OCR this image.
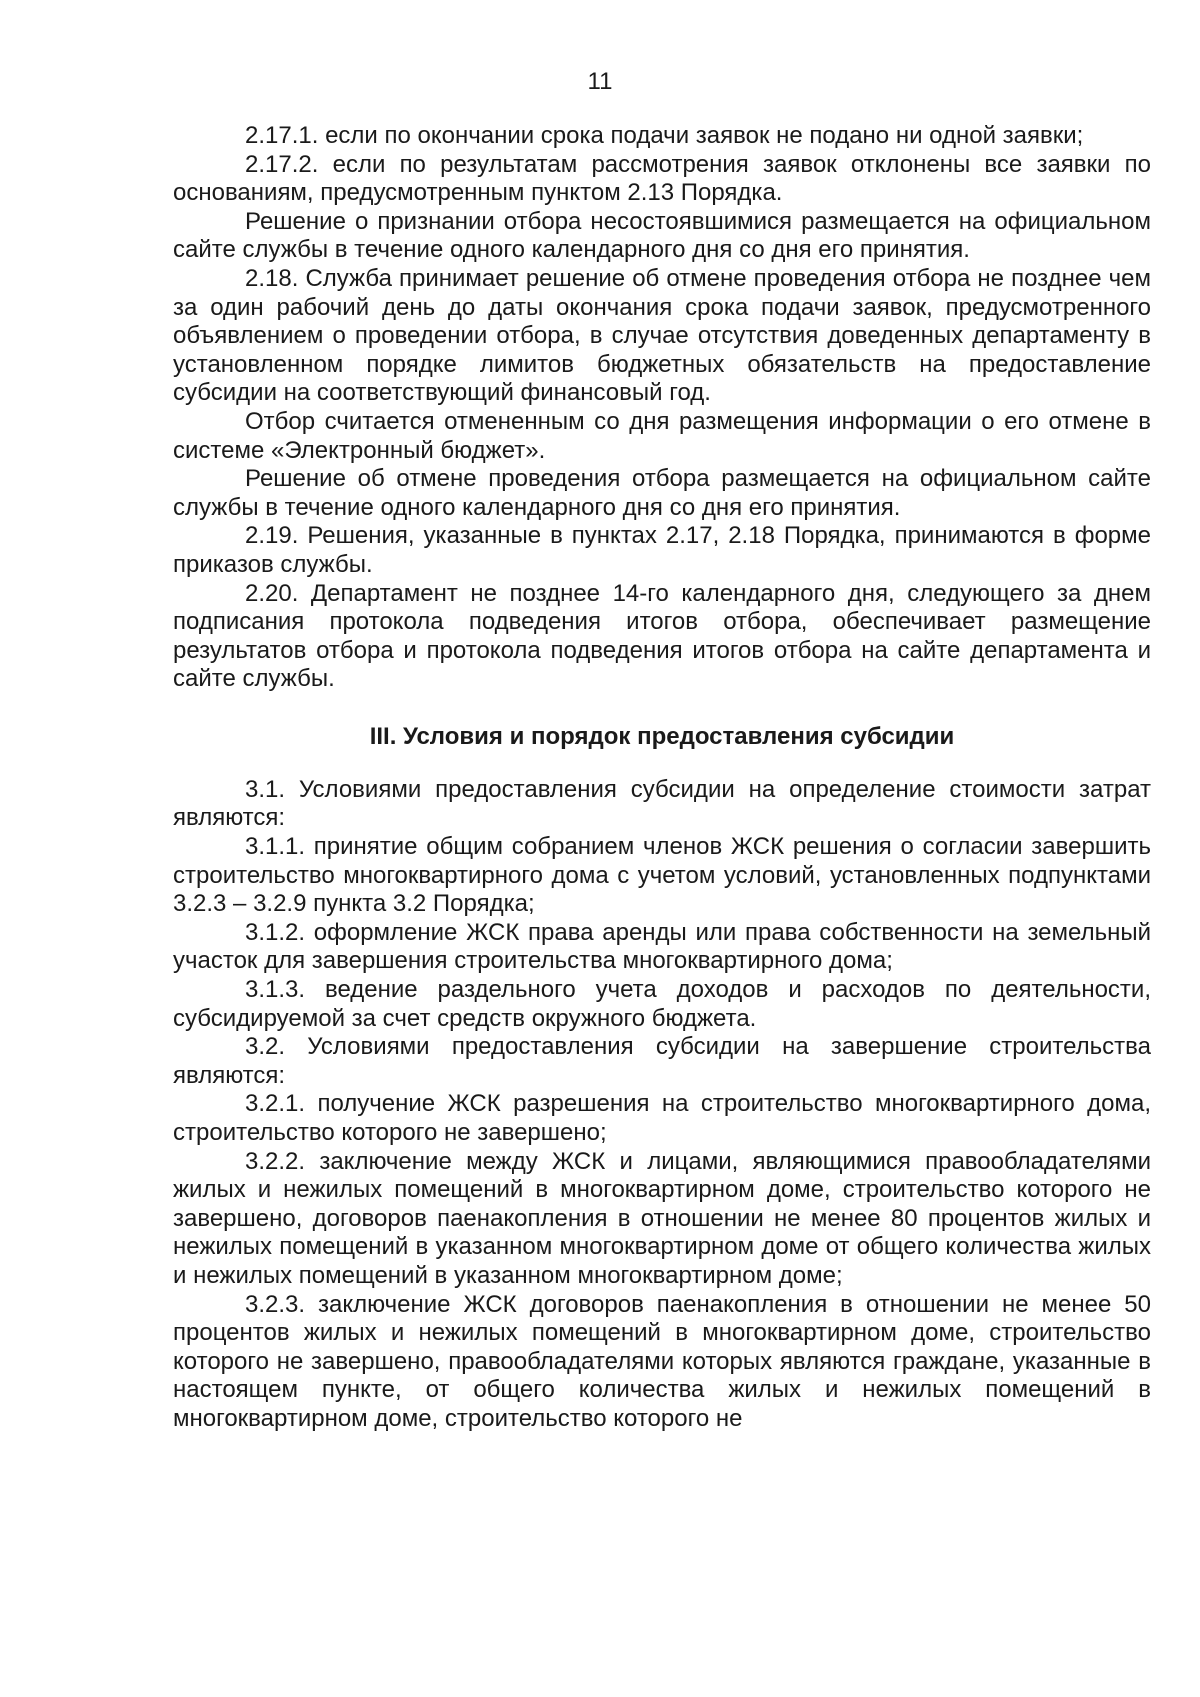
11

2.17.1. если по окончании срока подачи заявок не подано ни одной заявки;

2.17.2. если по результатам рассмотрения заявок отклонены все заявки по основаниям, предусмотренным пунктом 2.13 Порядка.

Решение о признании отбора несостоявшимися размещается на официальном сайте службы в течение одного календарного дня со дня его принятия.

2.18. Служба принимает решение об отмене проведения отбора не позднее чем за один рабочий день до даты окончания срока подачи заявок, предусмотренного объявлением о проведении отбора, в случае отсутствия доведенных департаменту в установленном порядке лимитов бюджетных обязательств на предоставление субсидии на соответствующий финансовый год.

Отбор считается отмененным со дня размещения информации о его отмене в системе «Электронный бюджет».

Решение об отмене проведения отбора размещается на официальном сайте службы в течение одного календарного дня со дня его принятия.

2.19. Решения, указанные в пунктах 2.17, 2.18 Порядка, принимаются в форме приказов службы.

2.20. Департамент не позднее 14-го календарного дня, следующего за днем подписания протокола подведения итогов отбора, обеспечивает размещение результатов отбора и протокола подведения итогов отбора на сайте департамента и сайте службы.

III. Условия и порядок предоставления субсидии

3.1. Условиями предоставления субсидии на определение стоимости затрат являются:

3.1.1. принятие общим собранием членов ЖСК решения о согласии завершить строительство многоквартирного дома с учетом условий, установленных подпунктами 3.2.3 – 3.2.9 пункта 3.2 Порядка;

3.1.2. оформление ЖСК права аренды или права собственности на земельный участок для завершения строительства многоквартирного дома;

3.1.3. ведение раздельного учета доходов и расходов по деятельности, субсидируемой за счет средств окружного бюджета.

3.2. Условиями предоставления субсидии на завершение строительства являются:

3.2.1. получение ЖСК разрешения на строительство многоквартирного дома, строительство которого не завершено;

3.2.2. заключение между ЖСК и лицами, являющимися правообладателями жилых и нежилых помещений в многоквартирном доме, строительство которого не завершено, договоров паенакопления в отношении не менее 80 процентов жилых и нежилых помещений в указанном многоквартирном доме от общего количества жилых и нежилых помещений в указанном многоквартирном доме;

3.2.3. заключение ЖСК договоров паенакопления в отношении не менее 50 процентов жилых и нежилых помещений в многоквартирном доме, строительство которого не завершено, правообладателями которых являются граждане, указанные в настоящем пункте, от общего количества жилых и нежилых помещений в многоквартирном доме, строительство которого не
